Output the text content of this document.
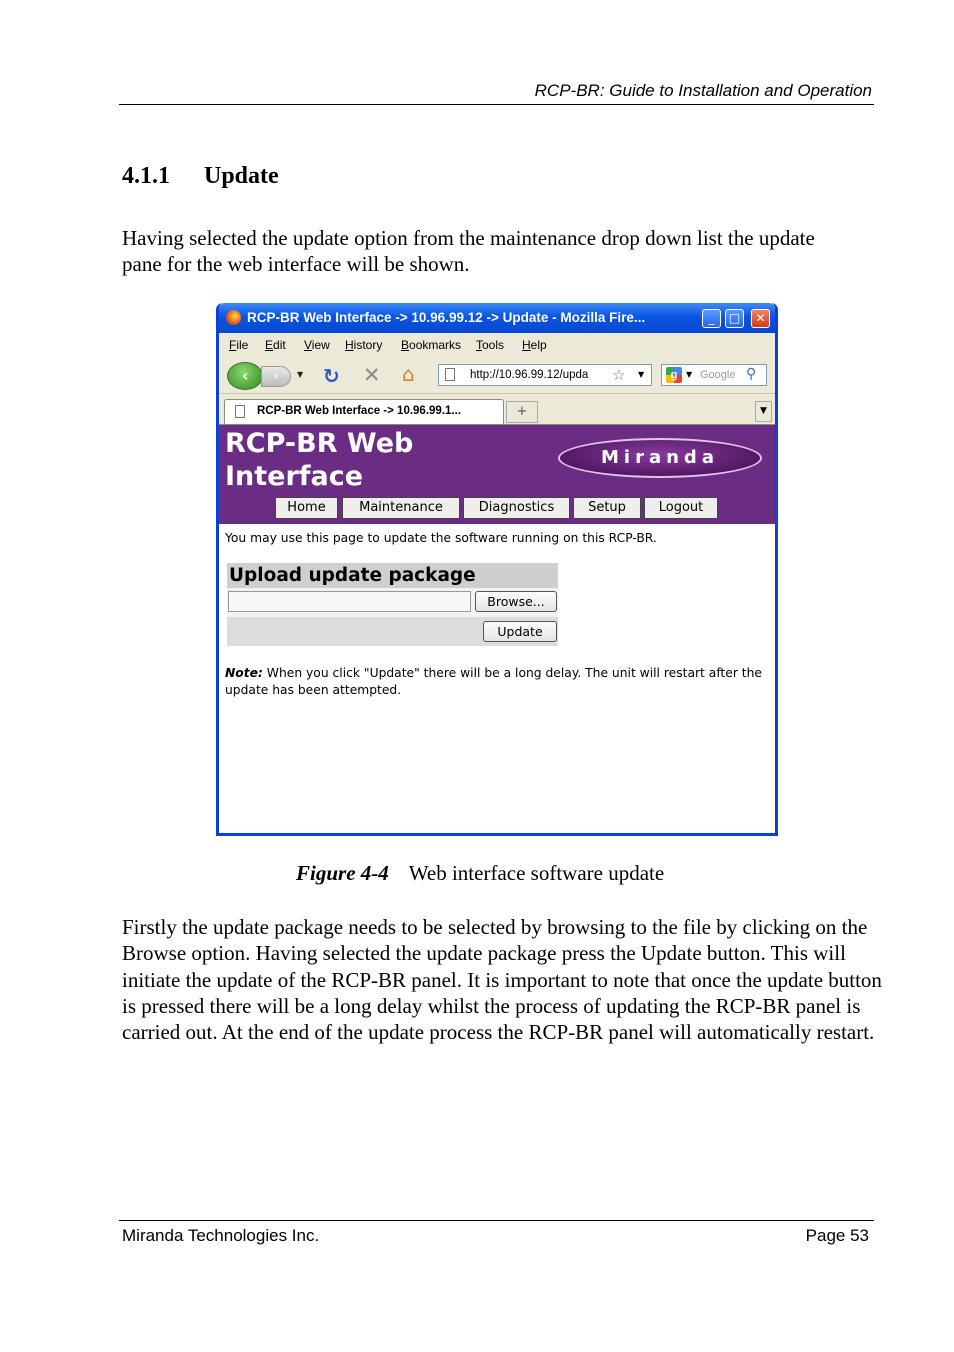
RCP-BR: Guide to Installation and Operation
4.1.1 Update

Having selected the update option from the maintenance drop down list the update pane for the web interface will be shown.

RCP-BR Web Interface -> 10.96.99.12 -> Update - Mozilla Fire...	_	□	✕
File Edit View History Bookmarks Tools Help
‹	›	▼ ↻ ✕ ⌂	http://10.96.99.12/upda ☆ ▼	g	▼ Google ⚲
RCP-BR Web Interface -> 10.96.99.1...	+	▼
RCP-BR Web Interface
Miranda
Home	Maintenance	Diagnostics	Setup	Logout

You may use this page to update the software running on this RCP-BR.

Upload update package
Browse...
Update

Note: When you click "Update" there will be a long delay. The unit will restart after the update has been attempted.

Figure 4-4 Web interface software update

Firstly the update package needs to be selected by browsing to the file by clicking on the Browse option. Having selected the update package press the Update button. This will initiate the update of the RCP-BR panel. It is important to note that once the update button is pressed there will be a long delay whilst the process of updating the RCP-BR panel is carried out. At the end of the update process the RCP-BR panel will automatically restart.

Miranda Technologies Inc.	Page 53
